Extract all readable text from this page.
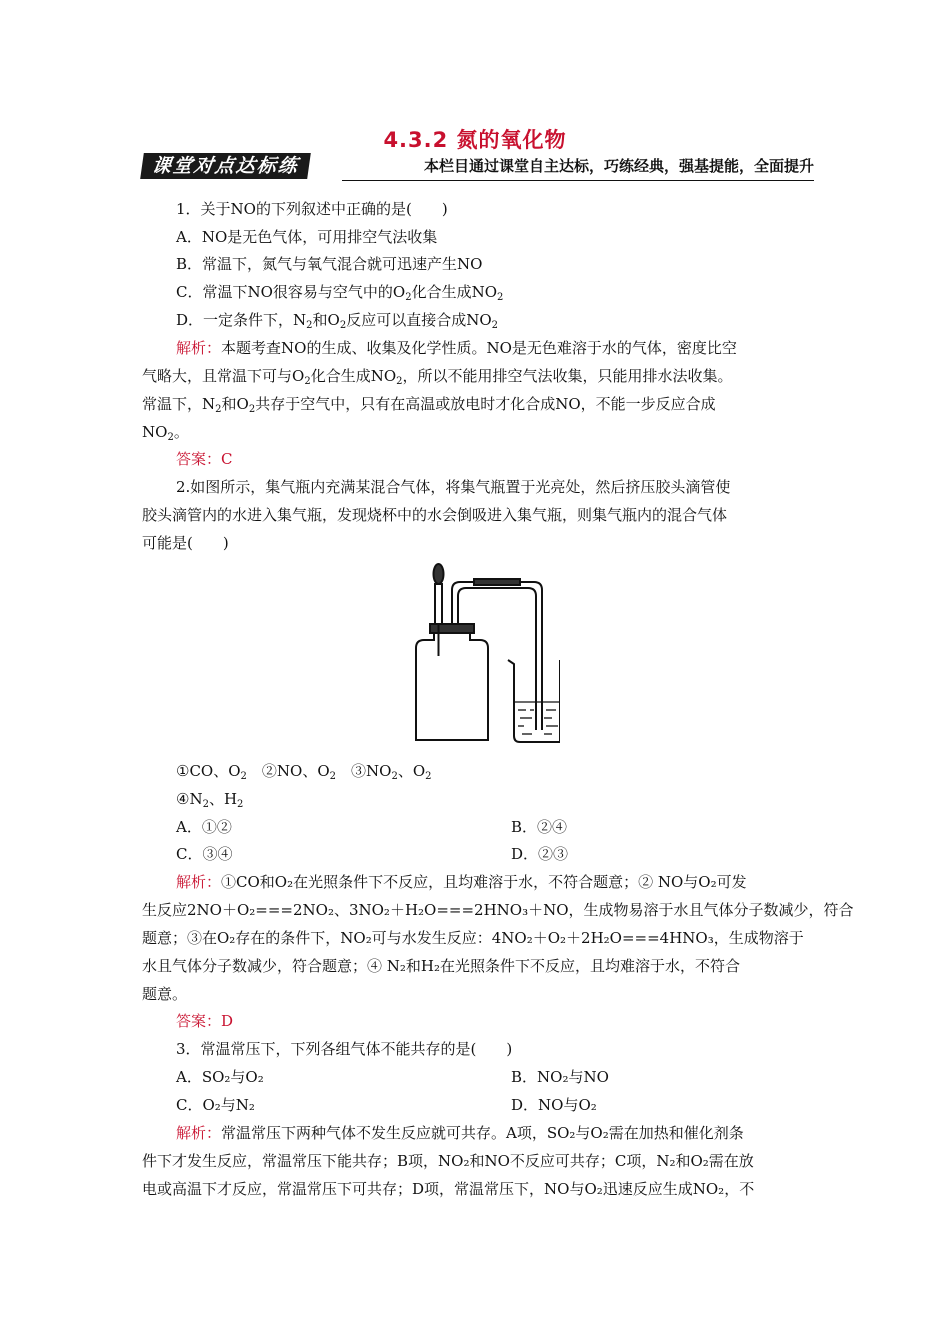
4.3.2 氮的氧化物
课堂对点达标练	本栏目通过课堂自主达标，巧练经典，强基提能，全面提升
1．关于NO的下列叙述中正确的是(　　)
A．NO是无色气体，可用排空气法收集
B．常温下，氮气与氧气混合就可迅速产生NO
C．常温下NO很容易与空气中的$O_2$化合生成$NO_2$
D．一定条件下，$N_2$和$O_2$反应可以直接合成$NO_2$
解析：本题考查NO的生成、收集及化学性质。NO是无色难溶于水的气体，密度比空
气略大，且常温下可与$O_2$化合生成$NO_2$，所以不能用排空气法收集，只能用排水法收集。
常温下，$N_2$和$O_2$共存于空气中，只有在高温或放电时才化合成NO，不能一步反应合成
$NO_2$。
答案：C
2.如图所示，集气瓶内充满某混合气体，将集气瓶置于光亮处，然后挤压胶头滴管使
胶头滴管内的水进入集气瓶，发现烧杯中的水会倒吸进入集气瓶，则集气瓶内的混合气体
可能是(　　)
①CO、$O_2$　②NO、$O_2$　$③NO_2$、$O_2$
$④N_2$、$H_2$
A．①②	B．②④
C．③④	D．②③
解析：①CO和O₂在光照条件下不反应，且均难溶于水，不符合题意；② NO与O₂可发
生反应2NO＋O₂===2NO₂、3NO₂＋H₂O===2HNO₃＋NO，生成物易溶于水且气体分子数减少，符合
题意；③在O₂存在的条件下，NO₂可与水发生反应：4NO₂＋O₂＋2H₂O===4HNO₃，生成物溶于
水且气体分子数减少，符合题意；④ N₂和H₂在光照条件下不反应，且均难溶于水，不符合
题意。
答案：D
3．常温常压下，下列各组气体不能共存的是(　　)
A．SO₂与O₂	B．NO₂与NO
C．O₂与N₂	D．NO与O₂
解析：常温常压下两种气体不发生反应就可共存。A项，SO₂与O₂需在加热和催化剂条
件下才发生反应，常温常压下能共存；B项，NO₂和NO不反应可共存；C项，N₂和O₂需在放
电或高温下才反应，常温常压下可共存；D项，常温常压下，NO与O₂迅速反应生成NO₂，不
